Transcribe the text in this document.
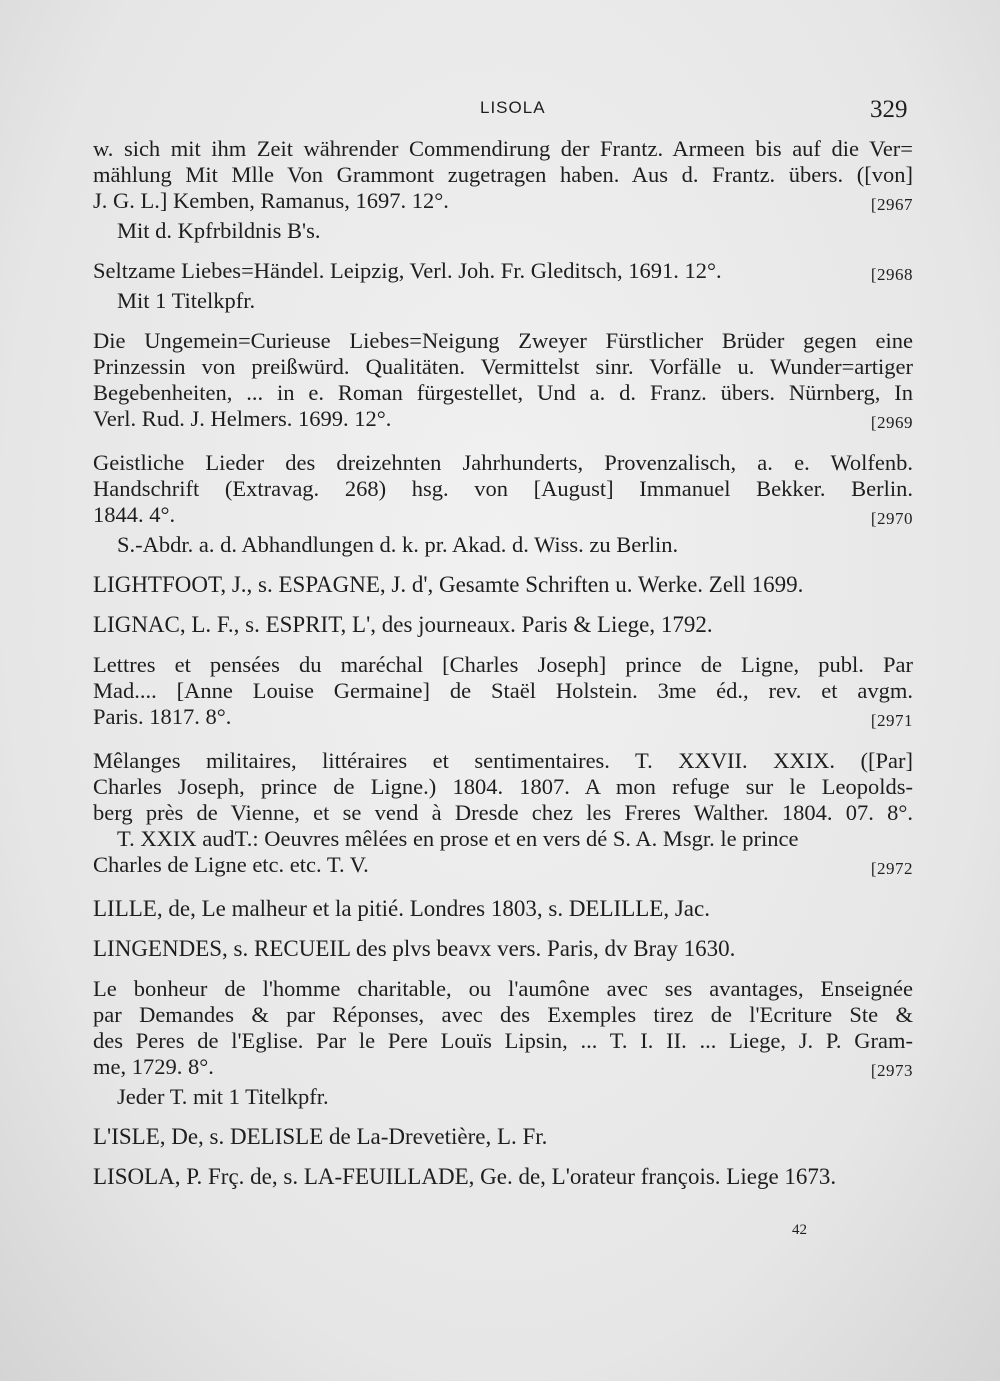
LISOLA	329
w. sich mit ihm Zeit währender Commendirung der Frantz. Armeen bis auf die Ver=
mählung Mit Mlle Von Grammont zugetragen haben. Aus d. Frantz. übers. ([von]
[2967
J. G. L.] Kemben, Ramanus, 1697. 12°.
Mit d. Kpfrbildnis B's.
[2968
Seltzame Liebes=Händel. Leipzig, Verl. Joh. Fr. Gleditsch, 1691. 12°.
Mit 1 Titelkpfr.
Die Ungemein=Curieuse Liebes=Neigung Zweyer Fürstlicher Brüder gegen eine
Prinzessin von preißwürd. Qualitäten. Vermittelst sinr. Vorfälle u. Wunder=artiger
Begebenheiten, ... in e. Roman fürgestellet, Und a. d. Franz. übers. Nürnberg, In
[2969
Verl. Rud. J. Helmers. 1699. 12°.
Geistliche Lieder des dreizehnten Jahrhunderts, Provenzalisch, a. e. Wolfenb.
Handschrift (Extravag. 268) hsg. von [August] Immanuel Bekker. Berlin.
[2970
1844. 4°.
S.-Abdr. a. d. Abhandlungen d. k. pr. Akad. d. Wiss. zu Berlin.
LIGHTFOOT, J., s. ESPAGNE, J. d', Gesamte Schriften u. Werke. Zell 1699.
LIGNAC, L. F., s. ESPRIT, L', des journeaux. Paris & Liege, 1792.
Lettres et pensées du maréchal [Charles Joseph] prince de Ligne, publ. Par
Mad.... [Anne Louise Germaine] de Staël Holstein. 3me éd., rev. et avgm.
[2971
Paris. 1817. 8°.
Mêlanges militaires, littéraires et sentimentaires. T. XXVII. XXIX. ([Par]
Charles Joseph, prince de Ligne.) 1804. 1807. A mon refuge sur le Leopolds-
berg près de Vienne, et se vend à Dresde chez les Freres Walther. 1804. 07. 8°.
T. XXIX audT.: Oeuvres mêlées en prose et en vers dé S. A. Msgr. le prince
[2972
Charles de Ligne etc. etc. T. V.
LILLE, de, Le malheur et la pitié. Londres 1803, s. DELILLE, Jac.
LINGENDES, s. RECUEIL des plvs beavx vers. Paris, dv Bray 1630.
Le bonheur de l'homme charitable, ou l'aumône avec ses avantages, Enseignée
par Demandes & par Réponses, avec des Exemples tirez de l'Ecriture Ste &
des Peres de l'Eglise. Par le Pere Louïs Lipsin, ... T. I. II. ... Liege, J. P. Gram-
[2973
me, 1729. 8°.
Jeder T. mit 1 Titelkpfr.
L'ISLE, De, s. DELISLE de La-Drevetière, L. Fr.
LISOLA, P. Frç. de, s. LA-FEUILLADE, Ge. de, L'orateur françois. Liege 1673.
42
